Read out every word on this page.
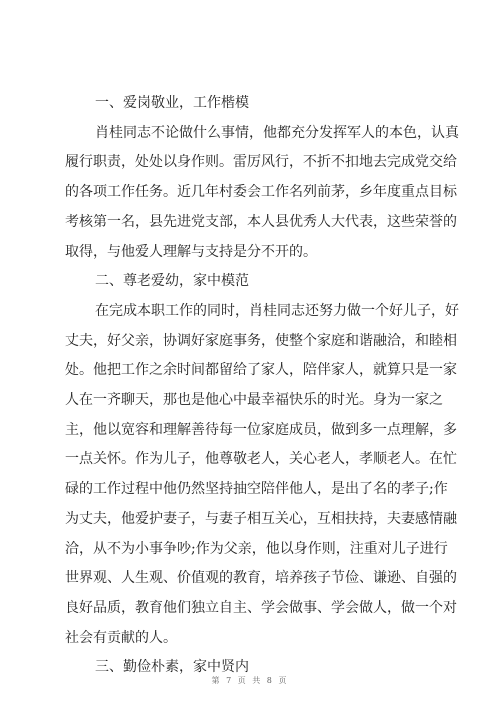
一、爱岗敬业，工作楷模
肖桂同志不论做什么事情，他都充分发挥军人的本色，认真
履行职责，处处以身作则。雷厉风行，不折不扣地去完成党交给
的各项工作任务。近几年村委会工作名列前茅，乡年度重点目标
考核第一名，县先进党支部，本人县优秀人大代表，这些荣誉的
取得，与他爱人理解与支持是分不开的。
二、尊老爱幼，家中模范
在完成本职工作的同时，肖桂同志还努力做一个好儿子，好
丈夫，好父亲，协调好家庭事务，使整个家庭和谐融洽，和睦相
处。他把工作之余时间都留给了家人，陪伴家人，就算只是一家
人在一齐聊天，那也是他心中最幸福快乐的时光。身为一家之
主，他以宽容和理解善待每一位家庭成员，做到多一点理解，多
一点关怀。作为儿子，他尊敬老人，关心老人，孝顺老人。在忙
碌的工作过程中他仍然坚持抽空陪伴他人，是出了名的孝子;作
为丈夫，他爱护妻子，与妻子相互关心，互相扶持，夫妻感情融
洽，从不为小事争吵;作为父亲，他以身作则，注重对儿子进行
世界观、人生观、价值观的教育，培养孩子节俭、谦逊、自强的
良好品质，教育他们独立自主、学会做事、学会做人，做一个对
社会有贡献的人。
三、勤俭朴素，家中贤内
第 7 页 共 8 页
